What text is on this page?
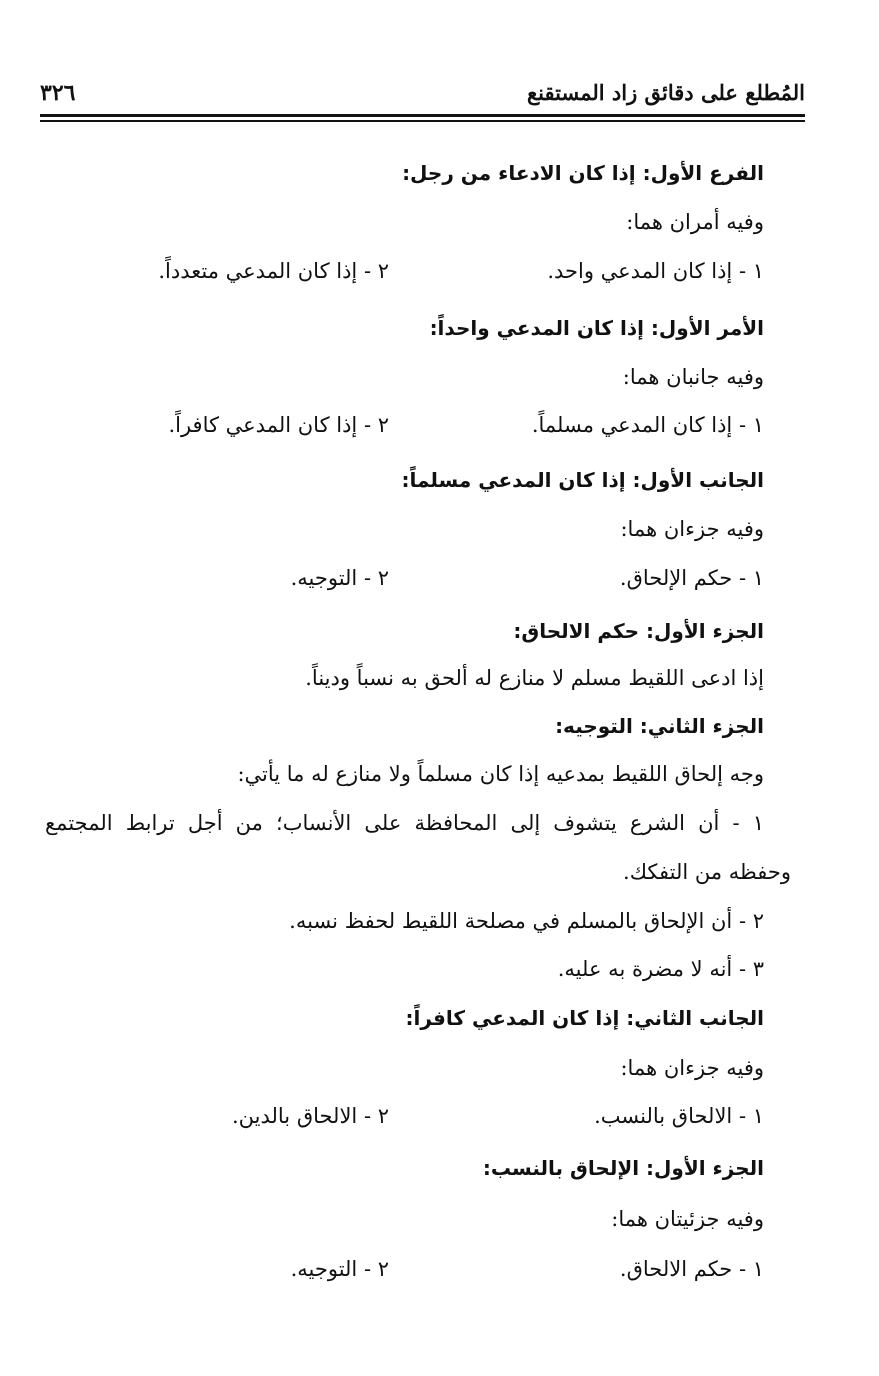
٣٢٦	المُطلع على دقائق زاد المستقنع
الفرع الأول: إذا كان الادعاء من رجل:
وفيه أمران هما:
١ - إذا كان المدعي واحد.
٢ - إذا كان المدعي متعدداً.
الأمر الأول: إذا كان المدعي واحداً:
وفيه جانبان هما:
١ - إذا كان المدعي مسلماً.
٢ - إذا كان المدعي كافراً.
الجانب الأول: إذا كان المدعي مسلماً:
وفيه جزءان هما:
١ - حكم الإلحاق.
٢ - التوجيه.
الجزء الأول: حكم الالحاق:
إذا ادعى اللقيط مسلم لا منازع له ألحق به نسباً وديناً.
الجزء الثاني: التوجيه:
وجه إلحاق اللقيط بمدعيه إذا كان مسلماً ولا منازع له ما يأتي:
١ - أن الشرع يتشوف إلى المحافظة على الأنساب؛ من أجل ترابط المجتمع
وحفظه من التفكك.
٢ - أن الإلحاق بالمسلم في مصلحة اللقيط لحفظ نسبه.
٣ - أنه لا مضرة به عليه.
الجانب الثاني: إذا كان المدعي كافراً:
وفيه جزءان هما:
١ - الالحاق بالنسب.
٢ - الالحاق بالدين.
الجزء الأول: الإلحاق بالنسب:
وفيه جزئيتان هما:
١ - حكم الالحاق.
٢ - التوجيه.
